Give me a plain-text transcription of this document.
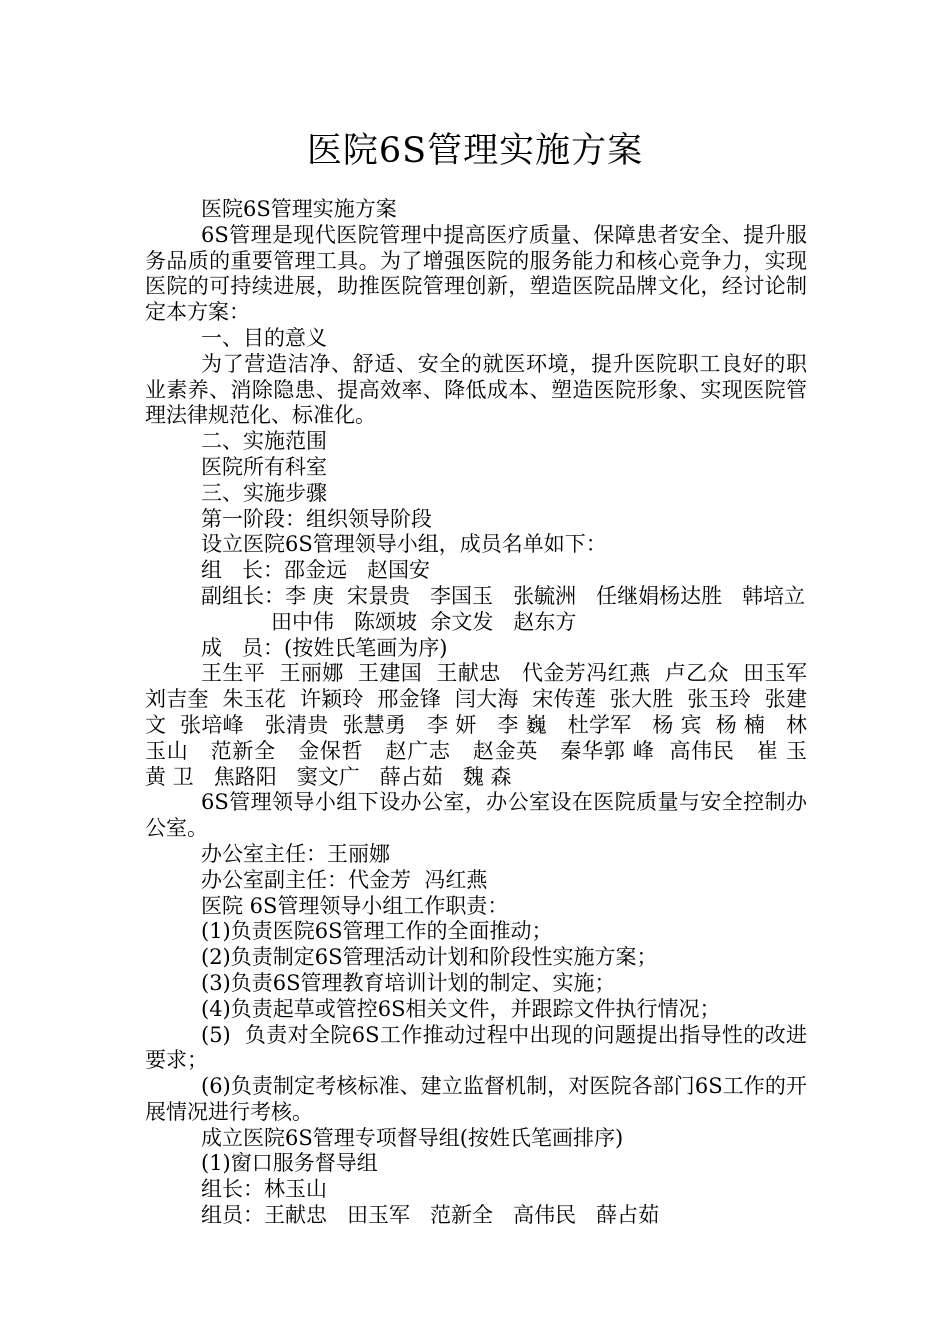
医院6S管理实施方案

医院6S管理实施方案

6S管理是现代医院管理中提高医疗质量、保障患者安全、提升服务品质的重要管理工具。为了增强医院的服务能力和核心竞争力，实现医院的可持续进展，助推医院管理创新，塑造医院品牌文化，经讨论制定本方案：

一、目的意义

为了营造洁净、舒适、安全的就医环境，提升医院职工良好的职业素养、消除隐患、提高效率、降低成本、塑造医院形象、实现医院管理法律规范化、标准化。

二、实施范围

医院所有科室

三、实施步骤

第一阶段：组织领导阶段

设立医院6S管理领导小组，成员名单如下：

组   长：邵金远   赵国安

副组长：李 庚  宋景贵   李国玉   张毓洲   任继娟杨达胜   韩培立

田中伟   陈颂坡  余文发   赵东方

成   员：(按姓氏笔画为序)

王生平  王丽娜  王建国  王献忠   代金芳冯红燕  卢乙众  田玉军   刘吉奎  朱玉花  许颖玲  邢金锋  闫大海  宋传莲  张大胜  张玉玲  张建文  张培峰   张清贵  张慧勇   李 妍   李 巍   杜学军   杨 宾  杨 楠   林玉山   范新全   金保哲   赵广志   赵金英   秦华郭 峰  高伟民   崔 玉   黄 卫   焦路阳   窦文广   薛占茹   魏 森

6S管理领导小组下设办公室，办公室设在医院质量与安全控制办公室。

办公室主任：王丽娜

办公室副主任：代金芳  冯红燕

医院 6S管理领导小组工作职责：

(1)负责医院6S管理工作的全面推动；

(2)负责制定6S管理活动计划和阶段性实施方案；

(3)负责6S管理教育培训计划的制定、实施；

(4)负责起草或管控6S相关文件，并跟踪文件执行情况；

(5)  负责对全院6S工作推动过程中出现的问题提出指导性的改进要求；

(6)负责制定考核标准、建立监督机制，对医院各部门6S工作的开展情况进行考核。

成立医院6S管理专项督导组(按姓氏笔画排序)

(1)窗口服务督导组

组长：林玉山

组员：王献忠   田玉军   范新全   高伟民   薛占茹
